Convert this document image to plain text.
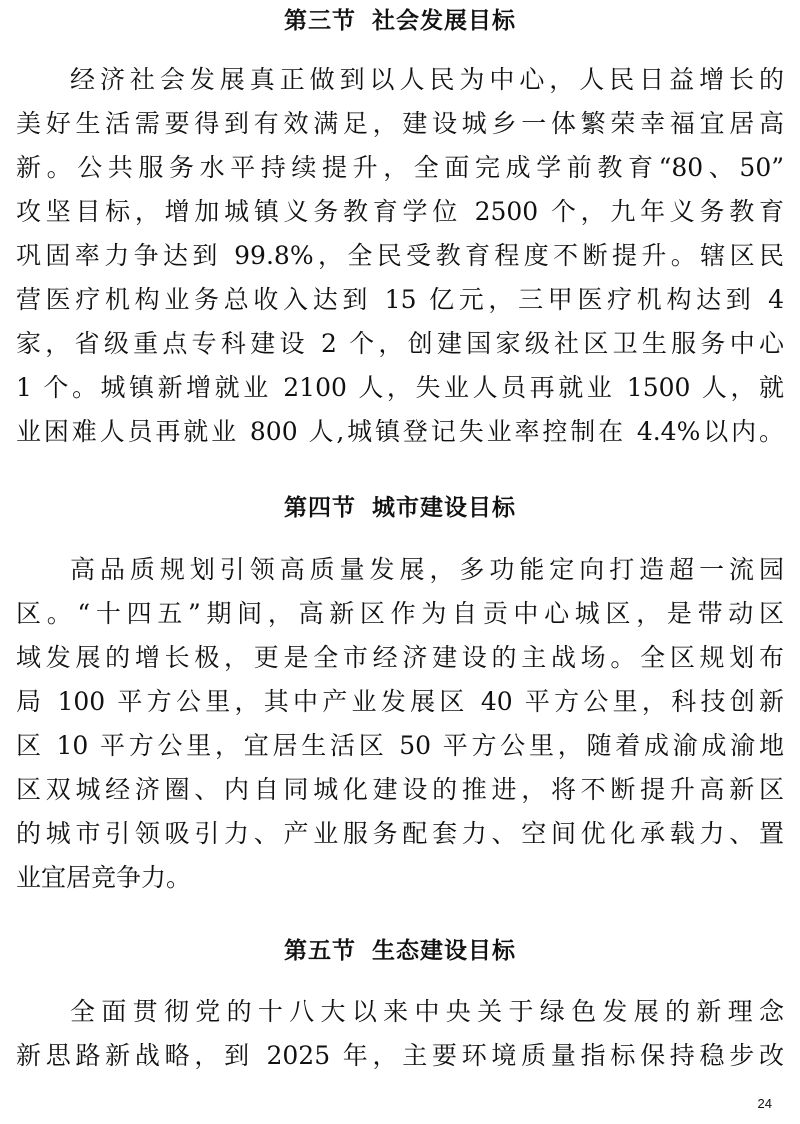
第三节 社会发展目标
经济社会发展真正做到以人民为中心，人民日益增长的
美好生活需要得到有效满足，建设城乡一体繁荣幸福宜居高
新。公共服务水平持续提升，全面完成学前教育“80、50”
攻坚目标，增加城镇义务教育学位 2500 个，九年义务教育
巩固率力争达到 99.8%，全民受教育程度不断提升。辖区民
营医疗机构业务总收入达到 15 亿元，三甲医疗机构达到 4
家，省级重点专科建设 2 个，创建国家级社区卫生服务中心
1 个。城镇新增就业 2100 人，失业人员再就业 1500 人，就
业困难人员再就业 800 人,城镇登记失业率控制在 4.4%以内。
第四节 城市建设目标
高品质规划引领高质量发展，多功能定向打造超一流园
区。“十四五”期间，高新区作为自贡中心城区，是带动区
域发展的增长极，更是全市经济建设的主战场。全区规划布
局 100 平方公里，其中产业发展区 40 平方公里，科技创新
区 10 平方公里，宜居生活区 50 平方公里，随着成渝成渝地
区双城经济圈、内自同城化建设的推进，将不断提升高新区
的城市引领吸引力、产业服务配套力、空间优化承载力、置
业宜居竞争力。
第五节 生态建设目标
全面贯彻党的十八大以来中央关于绿色发展的新理念
新思路新战略，到 2025 年，主要环境质量指标保持稳步改
24
